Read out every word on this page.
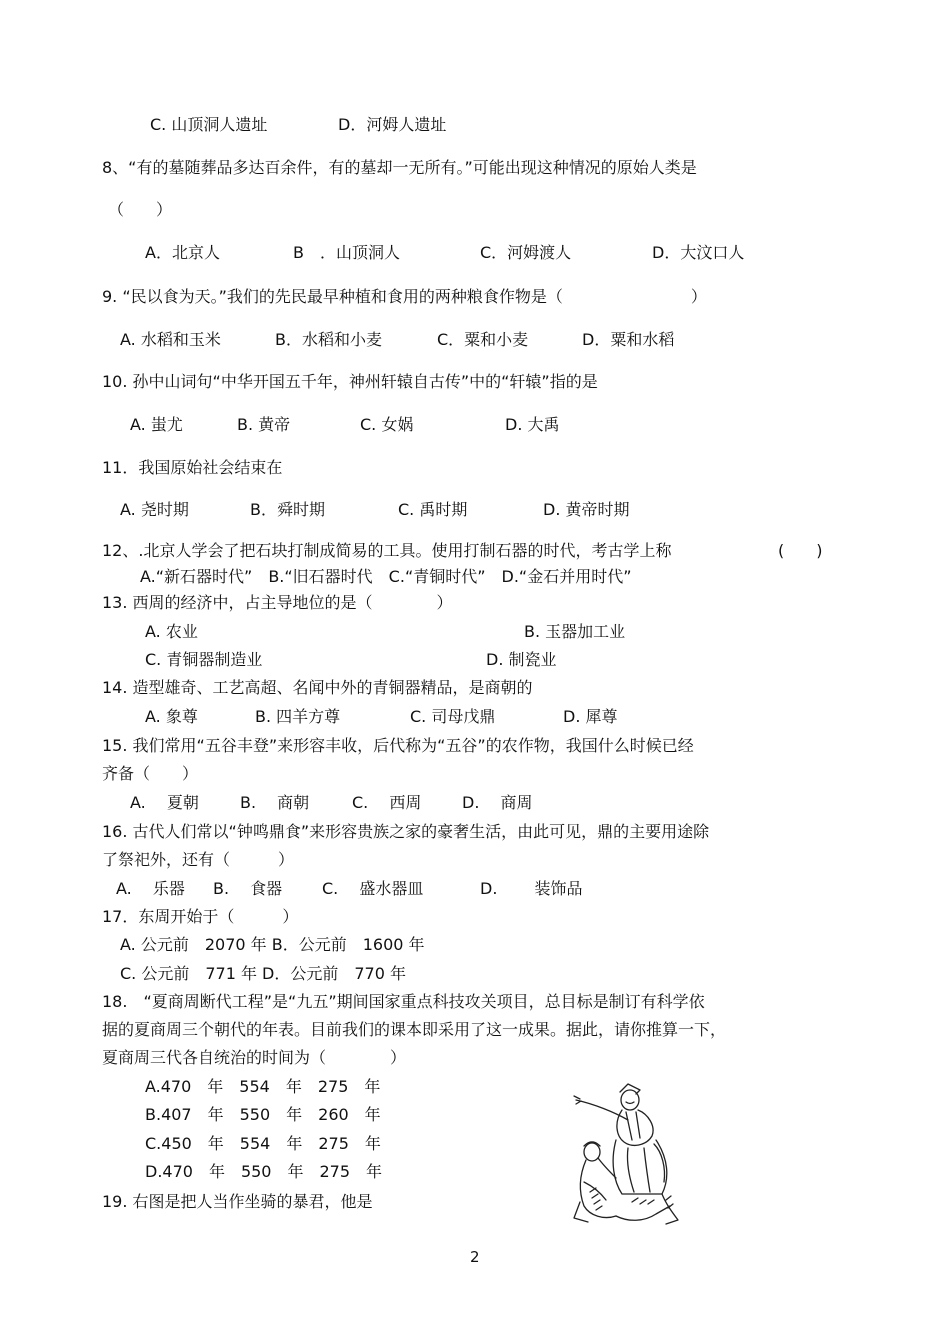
C. 山顶洞人遗址	D．河姆人遗址
8、“有的墓随葬品多达百余件，有的墓却一无所有。”可能出现这种情况的原始人类是
（　　）
A．北京人	B　．山顶洞人	C．河姆渡人	D．大汶口人
9. “民以食为天。”我们的先民最早种植和食用的两种粮食作物是（　　　　　　　　）
A. 水稻和玉米	B．水稻和小麦	C．粟和小麦	D．粟和水稻
10. 孙中山词句“中华开国五千年，神州轩辕自古传”中的“轩辕”指的是
A. 蚩尤	B. 黄帝	C. 女娲	D. 大禹
11．我国原始社会结束在
A. 尧时期	B．舜时期	C. 禹时期	D. 黄帝时期
12、.北京人学会了把石块打制成简易的工具。使用打制石器的时代，考古学上称	(　　)
A.“新石器时代”　B.“旧石器时代　C.“青铜时代”　D.“金石并用时代”
13. 西周的经济中，占主导地位的是（　　　　）
A. 农业	B. 玉器加工业
C. 青铜器制造业	D. 制瓷业
14. 造型雄奇、工艺高超、名闻中外的青铜器精品，是商朝的
A. 象尊	B. 四羊方尊	C. 司母戊鼎	D. 犀尊
15. 我们常用“五谷丰登”来形容丰收，后代称为“五谷”的农作物，我国什么时候已经
齐备（　　）
A.　 夏朝	B.　 商朝	C.　 西周	D.　 商周
16. 古代人们常以“钟鸣鼎食”来形容贵族之家的豪奢生活，由此可见，鼎的主要用途除
了祭祀外，还有（　　　）
A.　 乐器 B.　 食器 C.　 盛水器皿	D.　　 装饰品
17．东周开始于（　　　）
A. 公元前　2070 年 B．公元前　1600 年
C. 公元前　771 年 D．公元前　770 年
18.　“夏商周断代工程”是“九五”期间国家重点科技攻关项目，总目标是制订有科学依
据的夏商周三个朝代的年表。目前我们的课本即采用了这一成果。据此，请你推算一下，
夏商周三代各自统治的时间为（　　　　）
A.470　年　554　年　275　年
B.407　年　550　年　260　年
C.450　年　554　年　275　年
D.470　年　550　年　275　年
19. 右图是把人当作坐骑的暴君，他是
2
